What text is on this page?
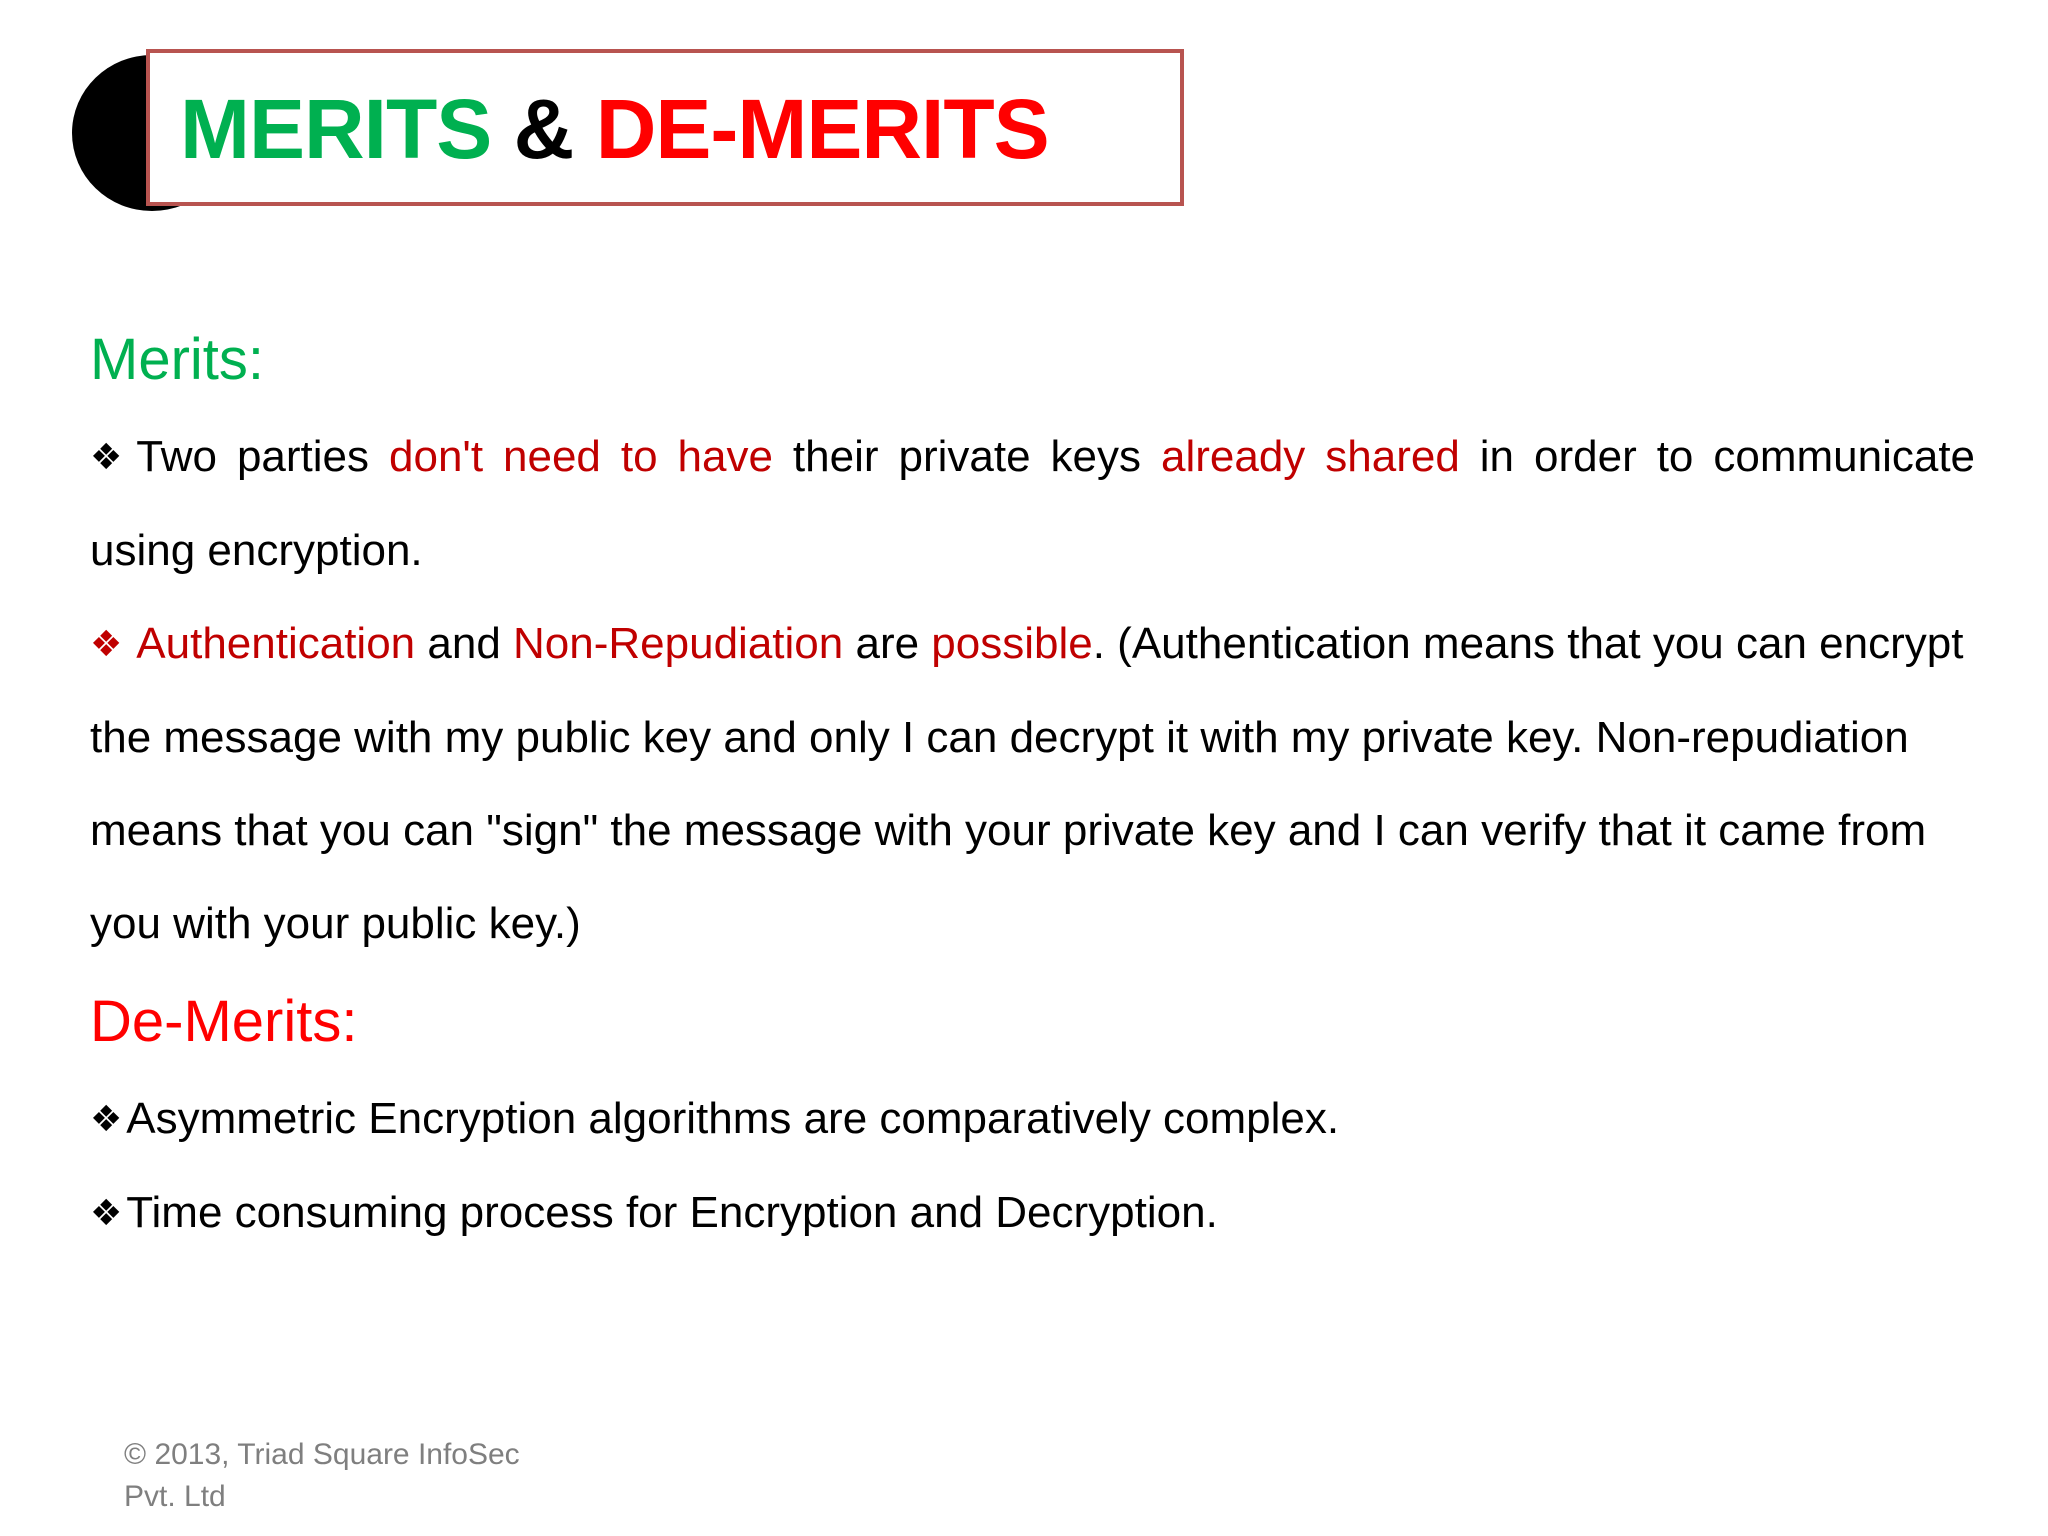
MERITS & DE-MERITS
Merits:

❖ Two parties don't need to have their private keys already shared in order to communicate using encryption.

❖ Authentication and Non-Repudiation are possible. (Authentication means that you can encrypt the message with my public key and only I can decrypt it with my private key. Non-repudiation means that you can "sign" the message with your private key and I can verify that it came from you with your public key.)

De-Merits:

❖Asymmetric Encryption algorithms are comparatively complex.

❖Time consuming process for Encryption and Decryption.

© 2013, Triad Square InfoSec
Pvt. Ltd
